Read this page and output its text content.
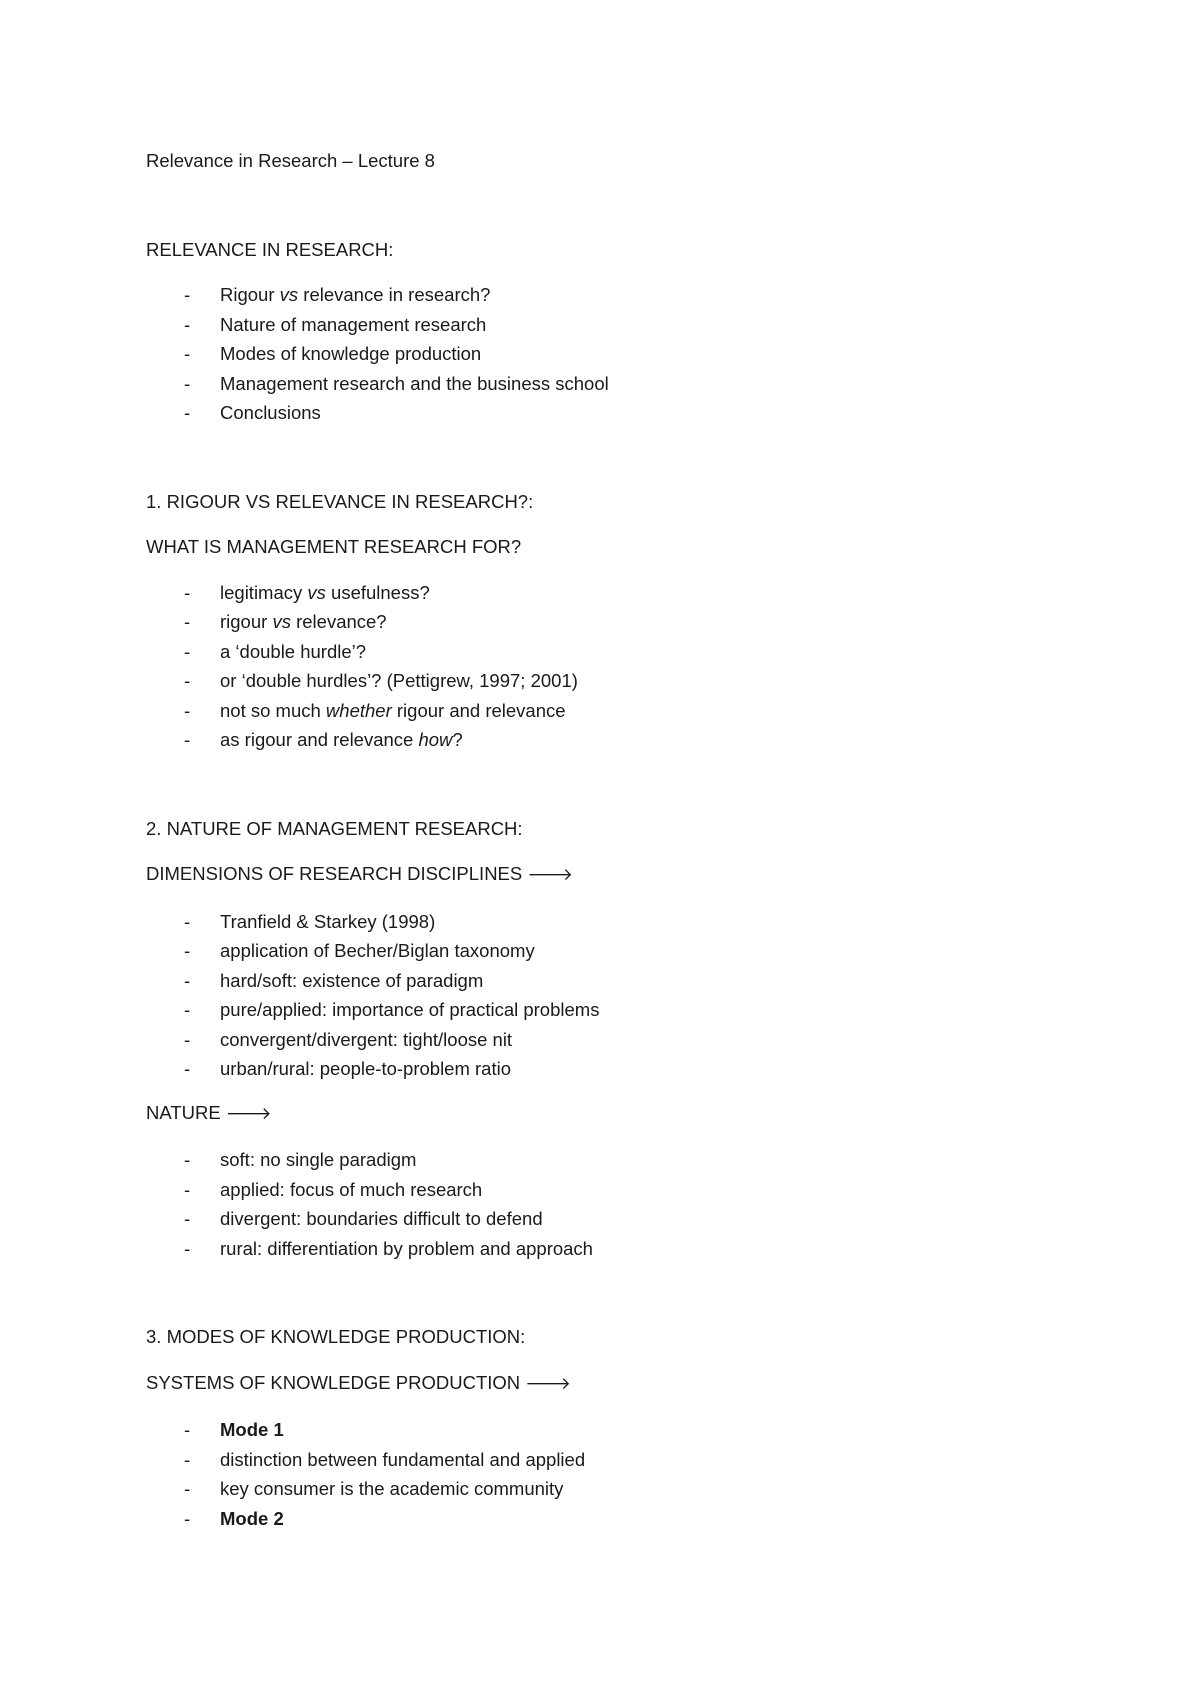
Relevance in Research – Lecture 8

RELEVANCE IN RESEARCH:

- Rigour vs relevance in research?
- Nature of management research
- Modes of knowledge production
- Management research and the business school
- Conclusions

1. RIGOUR VS RELEVANCE IN RESEARCH?:

WHAT IS MANAGEMENT RESEARCH FOR?

- legitimacy vs usefulness?
- rigour vs relevance?
- a ‘double hurdle’?
- or ‘double hurdles’? (Pettigrew, 1997; 2001)
- not so much whether rigour and relevance
- as rigour and relevance how?

2. NATURE OF MANAGEMENT RESEARCH:

DIMENSIONS OF RESEARCH DISCIPLINES 🡒

- Tranfield & Starkey (1998)
- application of Becher/Biglan taxonomy
- hard/soft: existence of paradigm
- pure/applied: importance of practical problems
- convergent/divergent: tight/loose nit
- urban/rural: people-to-problem ratio

NATURE 🡒

- soft: no single paradigm
- applied: focus of much research
- divergent: boundaries difficult to defend
- rural: differentiation by problem and approach

3. MODES OF KNOWLEDGE PRODUCTION:

SYSTEMS OF KNOWLEDGE PRODUCTION 🡒

- Mode 1
- distinction between fundamental and applied
- key consumer is the academic community
- Mode 2
